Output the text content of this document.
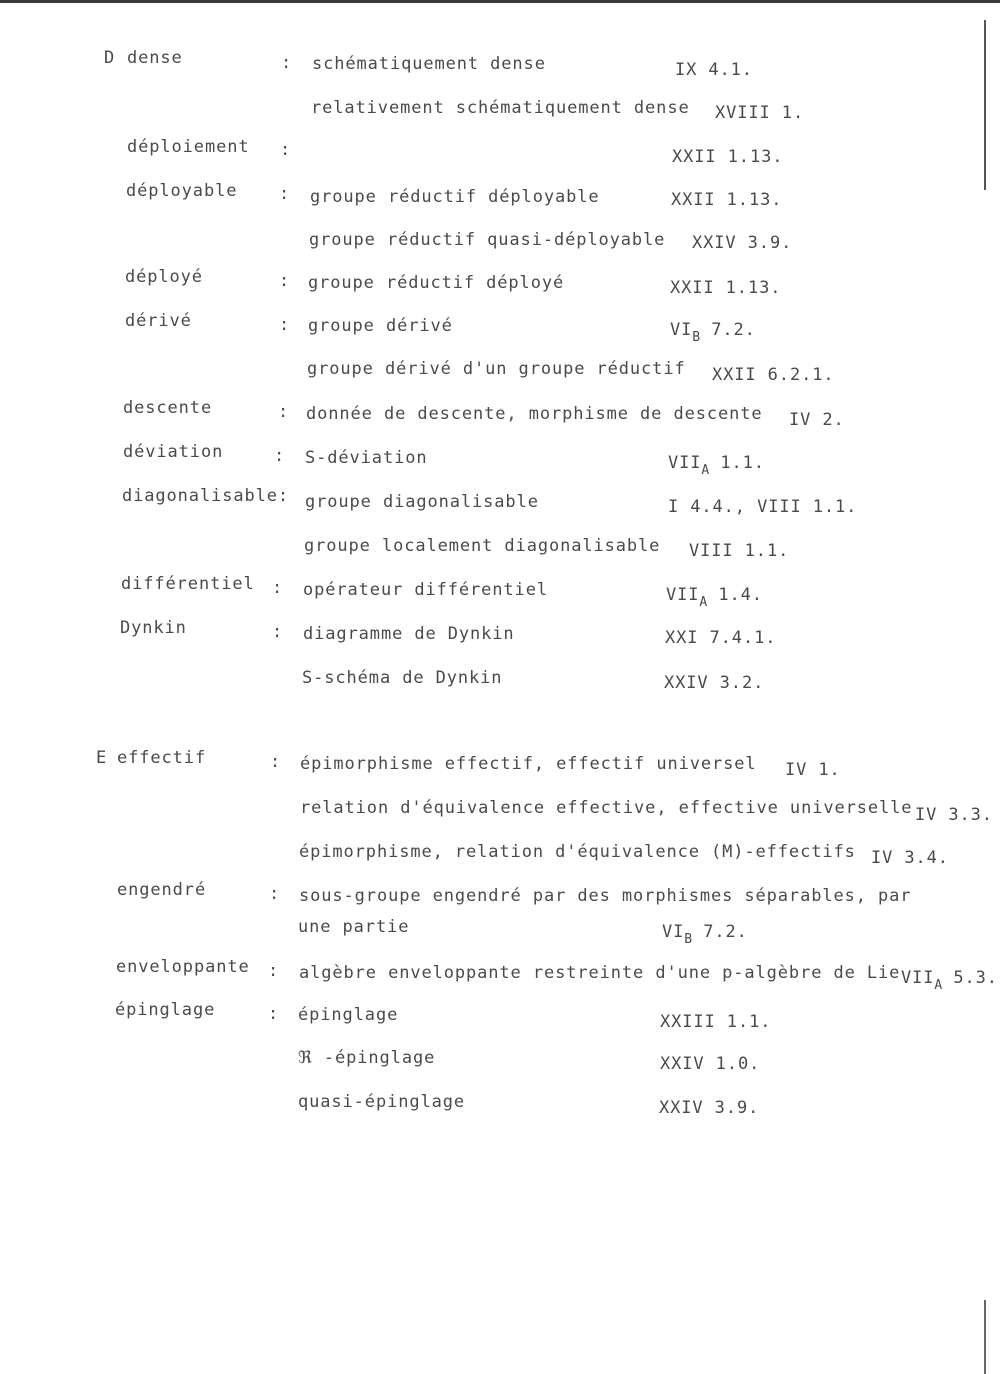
D dense	: schématiquement dense	IX 4.1.
relativement schématiquement dense XVIII 1.
déploiement :	XXII 1.13.
déployable : groupe réductif déployable	XXII 1.13.
groupe réductif quasi-déployable XXIV 3.9.
déployé	: groupe réductif déployé	XXII 1.13.
dérivé	: groupe dérivé	$VI_B$ 7.2.
groupe dérivé d'un groupe réductif XXII 6.2.1.
descente	: donnée de descente, morphisme de descente IV 2.
déviation	: S-déviation	$VII_A$ 1.1.
diagonalisable: groupe diagonalisable	I 4.4., VIII 1.1.
groupe localement diagonalisable VIII 1.1.
différentiel : opérateur différentiel	$VII_A$ 1.4.
Dynkin	: diagramme de Dynkin	XXI 7.4.1.
S-schéma de Dynkin	XXIV 3.2.
E effectif	: épimorphisme effectif, effectif universel IV 1.
relation d'équivalence effective, effective universelle IV 3.3.
épimorphisme, relation d'équivalence (M)-effectifs IV 3.4.
engendré	: sous-groupe engendré par des morphismes séparables, par
une partie	$VI_B$ 7.2.
enveloppante : algèbre enveloppante restreinte d'une p-algèbre de Lie $VII_A$ 5.3.
épinglage	: épinglage	XXIII 1.1.
ℜ -épinglage	XXIV 1.0.
quasi-épinglage	XXIV 3.9.
